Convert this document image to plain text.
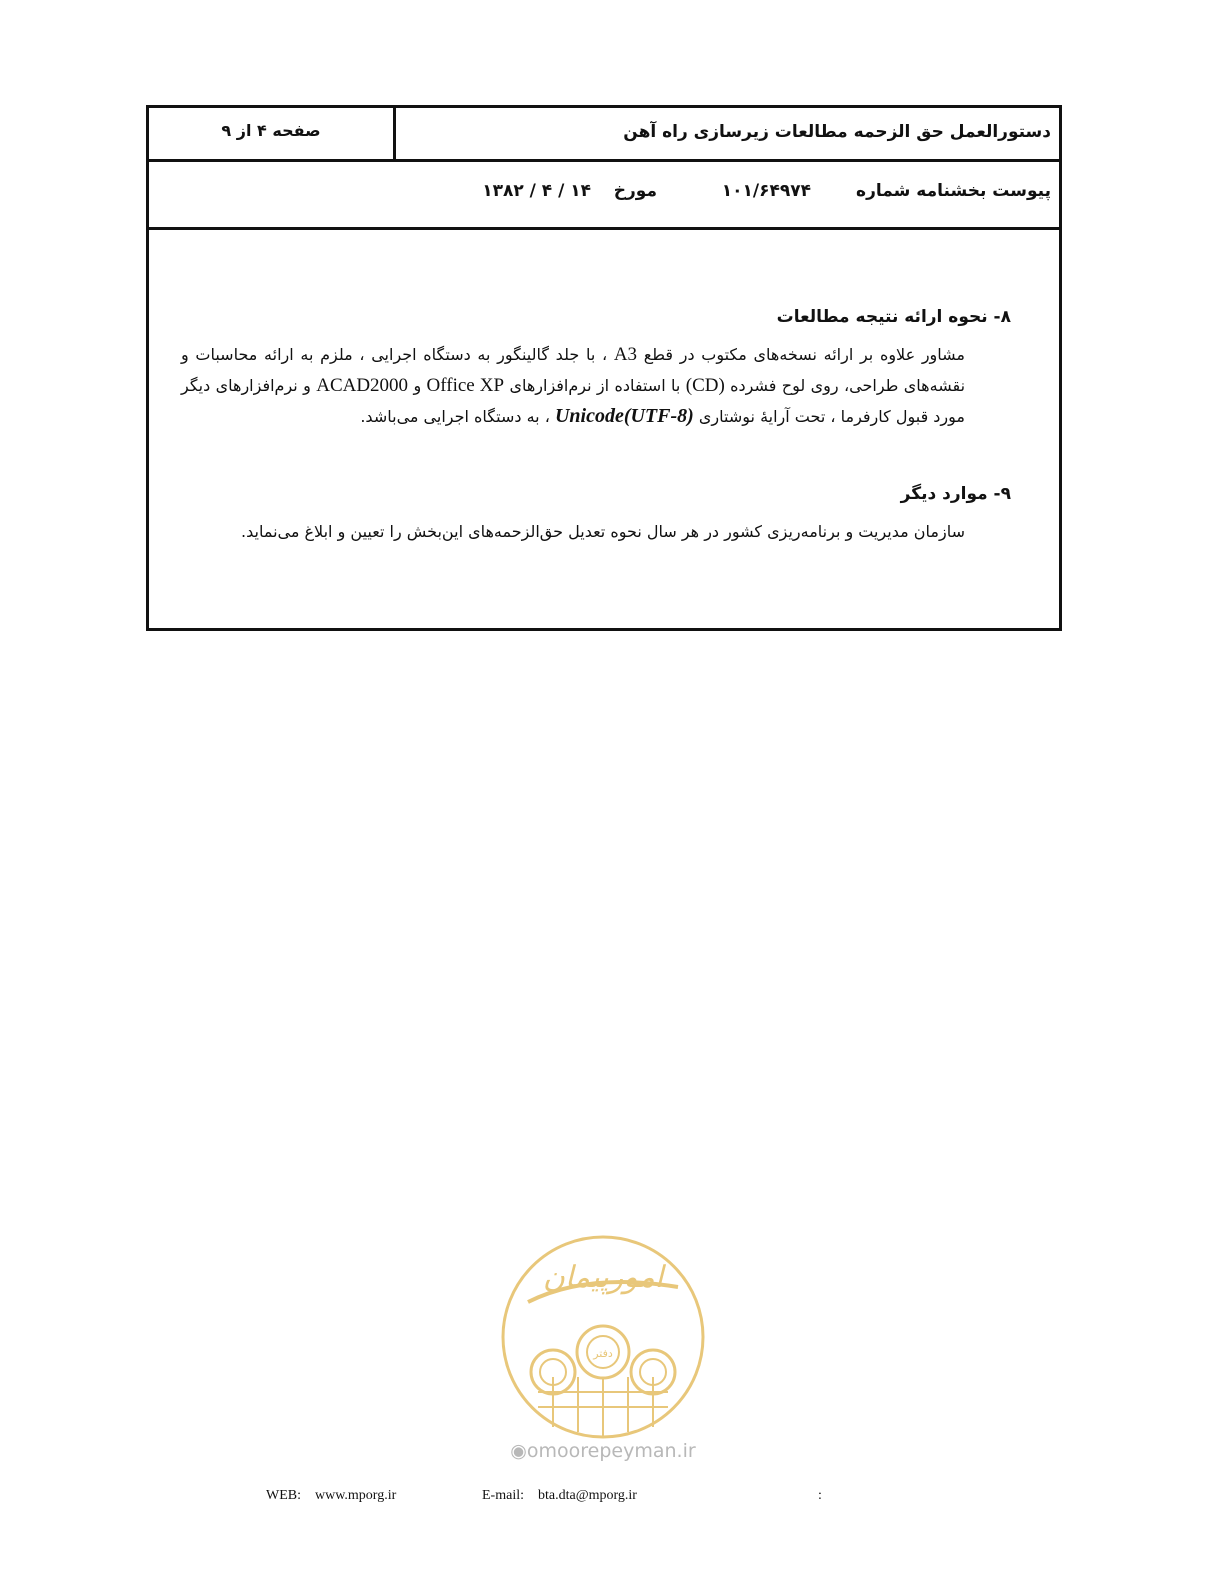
صفحه ۴ از ۹	دستورالعمل حق الزحمه مطالعات زیرسازی راه آهن
پیوست بخشنامه شماره
۱۰۱/۶۴۹۷۴
مورخ
۱۴ / ۴ / ۱۳۸۲
۸- نحوه ارائه نتیجه مطالعات

مشاور علاوه بر ارائه نسخه‌های مکتوب در قطع A3 ، با جلد گالینگور به دستگاه اجرایی ، ملزم به ارائه محاسبات و نقشه‌های طراحی، روی لوح فشرده (CD) با استفاده از نرم‌افزارهای Office XP و ACAD2000 و نرم‌افزارهای دیگر مورد قبول کارفرما ، تحت آرایهٔ نوشتاری Unicode(UTF-8) ، به دستگاه اجرایی می‌باشد.

۹- موارد دیگر

سازمان مدیریت و برنامه‌ریزی کشور در هر سال نحوه تعدیل حق‌الزحمه‌های این‌بخش را تعیین و ابلاغ می‌نماید.

امورپیمان
دفتر
◉omoorepeyman.ir
WEB: www.mporg.ir	E-mail: bta.dta@mporg.ir	:
